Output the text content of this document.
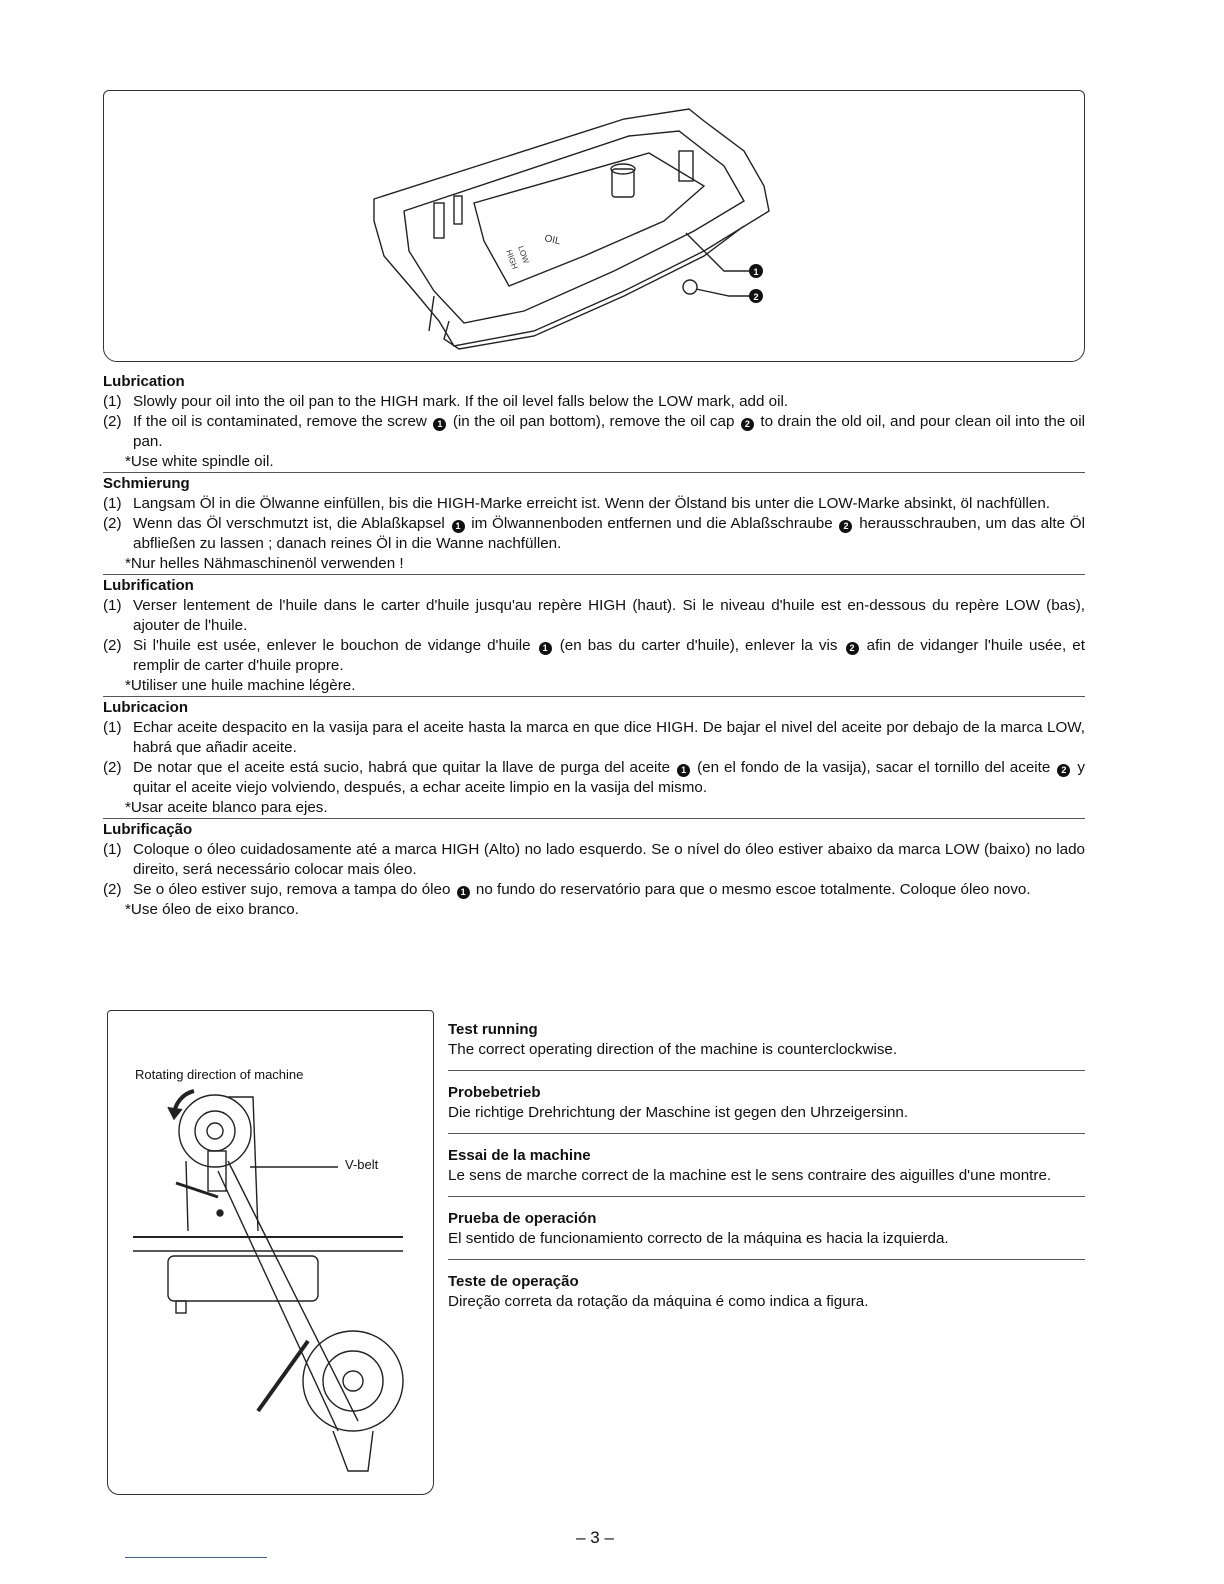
OIL
HIGH
LOW
1
2
Lubrication
(1) Slowly pour oil into the oil pan to the HIGH mark. If the oil level falls below the LOW mark, add oil.
(2) If the oil is contaminated, remove the screw 1 (in the oil pan bottom), remove the oil cap 2 to drain the old oil, and pour clean oil into the oil pan.
*Use white spindle oil.
Schmierung
(1) Langsam Öl in die Ölwanne einfüllen, bis die HIGH-Marke erreicht ist. Wenn der Ölstand bis unter die LOW-Marke absinkt, öl nachfüllen.
(2) Wenn das Öl verschmutzt ist, die Ablaßkapsel 1 im Ölwannenboden entfernen und die Ablaßschraube 2 herausschrauben, um das alte Öl abfließen zu lassen ; danach reines Öl in die Wanne nachfüllen.
*Nur helles Nähmaschinenöl verwenden !
Lubrification
(1) Verser lentement de l'huile dans le carter d'huile jusqu'au repère HIGH (haut). Si le niveau d'huile est en-dessous du repère LOW (bas), ajouter de l'huile.
(2) Si l'huile est usée, enlever le bouchon de vidange d'huile 1 (en bas du carter d'huile), enlever la vis 2 afin de vidanger l'huile usée, et remplir de carter d'huile propre.
*Utiliser une huile machine légère.
Lubricacion
(1) Echar aceite despacito en la vasija para el aceite hasta la marca en que dice HIGH. De bajar el nivel del aceite por debajo de la marca LOW, habrá que añadir aceite.
(2) De notar que el aceite está sucio, habrá que quitar la llave de purga del aceite 1 (en el fondo de la vasija), sacar el tornillo del aceite 2 y quitar el aceite viejo volviendo, después, a echar aceite limpio en la vasija del mismo.
*Usar aceite blanco para ejes.
Lubrificação
(1) Coloque o óleo cuidadosamente até a marca HIGH (Alto) no lado esquerdo. Se o nível do óleo estiver abaixo da marca LOW (baixo) no lado direito, será necessário colocar mais óleo.
(2) Se o óleo estiver sujo, remova a tampa do óleo 1 no fundo do reservatório para que o mesmo escoe totalmente. Coloque óleo novo.
*Use óleo de eixo branco.
Rotating direction of machine
V-belt
Test running

The correct operating direction of the machine is counterclockwise.

Probebetrieb

Die richtige Drehrichtung der Maschine ist gegen den Uhrzeigersinn.

Essai de la machine

Le sens de marche correct de la machine est le sens contraire des aiguilles d'une montre.

Prueba de operación

El sentido de funcionamiento correcto de la máquina es hacia la izquierda.

Teste de operação

Direção correta da rotação da máquina é como indica a figura.

– 3 –
